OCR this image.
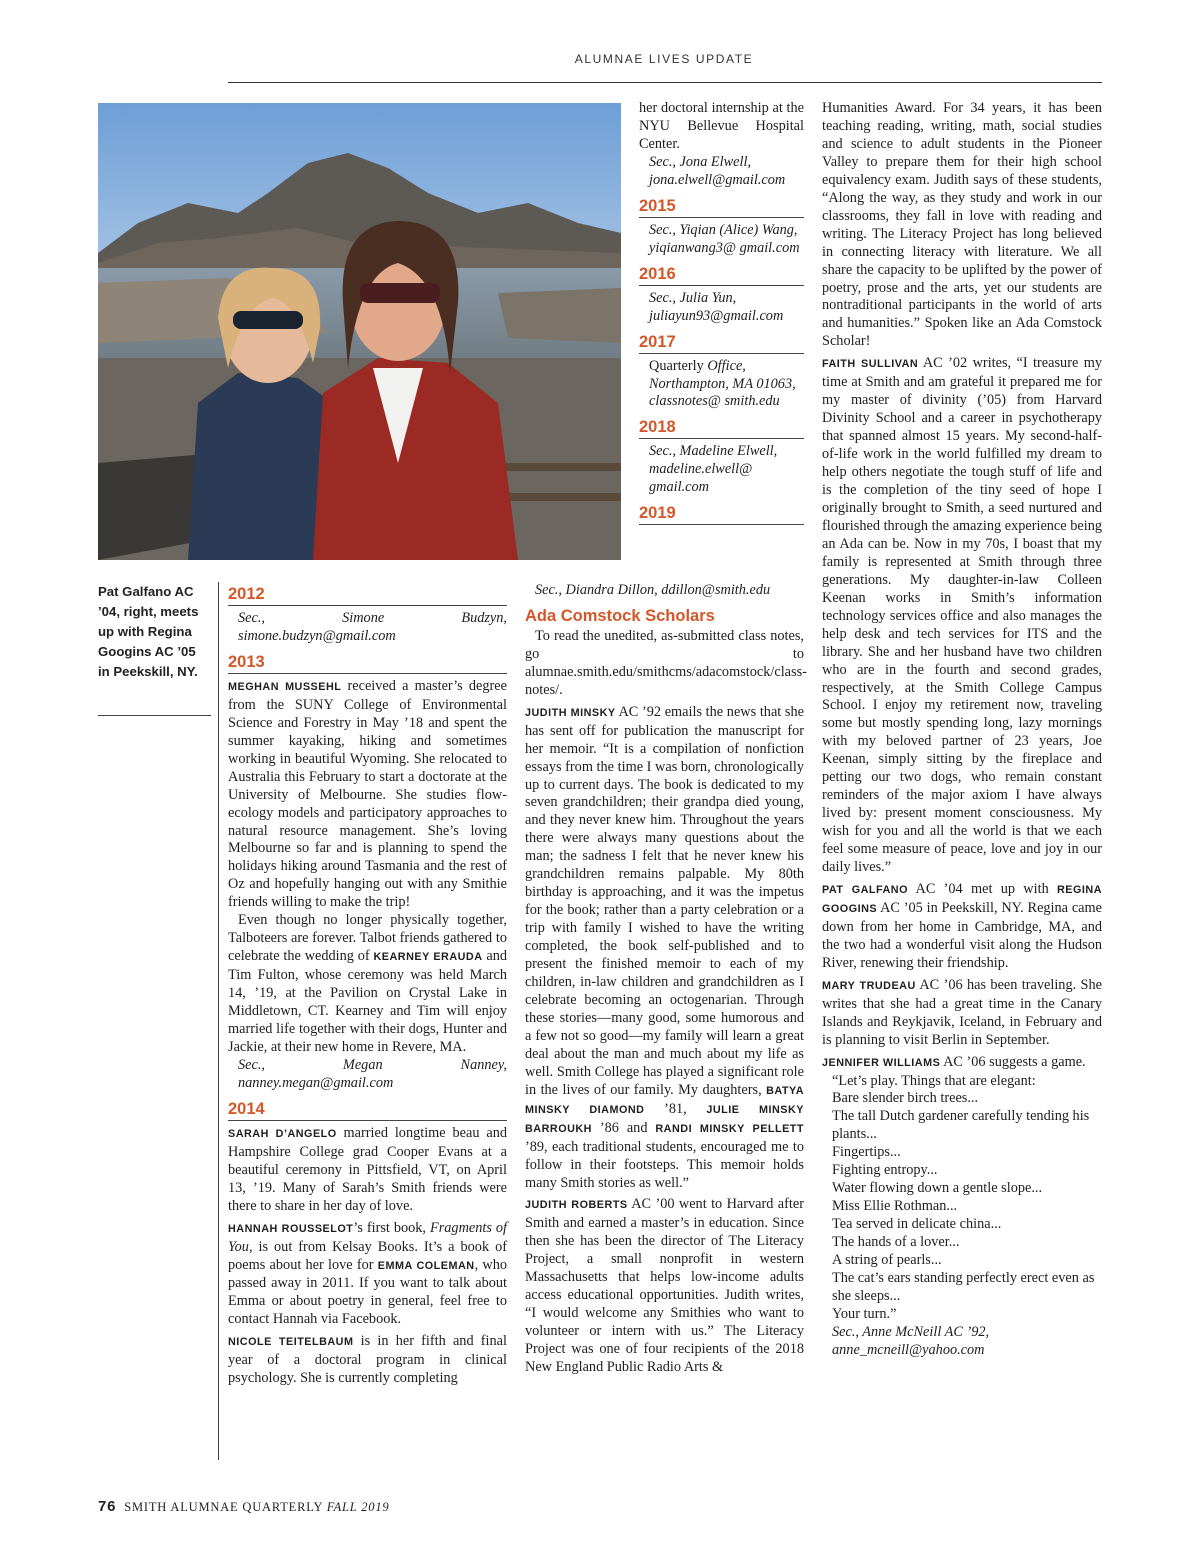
ALUMNAE LIVES UPDATE
Pat Galfano AC ’04, right, meets up with Regina Googins AC ’05 in Peekskill, NY.

her doctoral internship at the NYU Bellevue Hospital Center.

Sec., Jona Elwell, jona.elwell@gmail.com

2015

Sec., Yiqian (Alice) Wang, yiqianwang3@ gmail.com

2016

Sec., Julia Yun, juliayun93@gmail.com

2017

Quarterly Office, Northampton, MA 01063, classnotes@ smith.edu

2018

Sec., Madeline Elwell, madeline.elwell@ gmail.com

2019
2012

Sec., Simone Budzyn, simone.budzyn@gmail.com

2013

MEGHAN MUSSEHL received a master’s degree from the SUNY College of Environmental Science and Forestry in May ’18 and spent the summer kayaking, hiking and sometimes working in beautiful Wyoming. She relocated to Australia this February to start a doctorate at the University of Melbourne. She studies flow-ecology models and participatory approaches to natural resource management. She’s loving Melbourne so far and is planning to spend the holidays hiking around Tasmania and the rest of Oz and hopefully hanging out with any Smithie friends willing to make the trip!

Even though no longer physically together, Talboteers are forever. Talbot friends gathered to celebrate the wedding of KEARNEY ERAUDA and Tim Fulton, whose ceremony was held March 14, ’19, at the Pavilion on Crystal Lake in Middletown, CT. Kearney and Tim will enjoy married life together with their dogs, Hunter and Jackie, at their new home in Revere, MA.

Sec., Megan Nanney, nanney.megan@gmail.com

2014

SARAH D’ANGELO married longtime beau and Hampshire College grad Cooper Evans at a beautiful ceremony in Pittsfield, VT, on April 13, ’19. Many of Sarah’s Smith friends were there to share in her day of love.

HANNAH ROUSSELOT’s first book, Fragments of You, is out from Kelsay Books. It’s a book of poems about her love for EMMA COLEMAN, who passed away in 2011. If you want to talk about Emma or about poetry in general, feel free to contact Hannah via Facebook.

NICOLE TEITELBAUM is in her fifth and final year of a doctoral program in clinical psychology. She is currently completing

Sec., Diandra Dillon, ddillon@smith.edu

Ada Comstock Scholars

To read the unedited, as-submitted class notes, go to alumnae.smith.edu/smithcms/adacomstock/class-notes/.

JUDITH MINSKY AC ’92 emails the news that she has sent off for publication the manuscript for her memoir. “It is a compilation of nonfiction essays from the time I was born, chronologically up to current days. The book is dedicated to my seven grandchildren; their grandpa died young, and they never knew him. Throughout the years there were always many questions about the man; the sadness I felt that he never knew his grandchildren remains palpable. My 80th birthday is approaching, and it was the impetus for the book; rather than a party celebration or a trip with family I wished to have the writing completed, the book self-published and to present the finished memoir to each of my children, in-law children and grandchildren as I celebrate becoming an octogenarian. Through these stories—many good, some humorous and a few not so good—my family will learn a great deal about the man and much about my life as well. Smith College has played a significant role in the lives of our family. My daughters, BATYA MINSKY DIAMOND ’81, JULIE MINSKY BARROUKH ’86 and RANDI MINSKY PELLETT ’89, each traditional students, encouraged me to follow in their footsteps. This memoir holds many Smith stories as well.”

JUDITH ROBERTS AC ’00 went to Harvard after Smith and earned a master’s in education. Since then she has been the director of The Literacy Project, a small nonprofit in western Massachusetts that helps low-income adults access educational opportunities. Judith writes, “I would welcome any Smithies who want to volunteer or intern with us.” The Literacy Project was one of four recipients of the 2018 New England Public Radio Arts &

Humanities Award. For 34 years, it has been teaching reading, writing, math, social studies and science to adult students in the Pioneer Valley to prepare them for their high school equivalency exam. Judith says of these students, “Along the way, as they study and work in our classrooms, they fall in love with reading and writing. The Literacy Project has long believed in connecting literacy with literature. We all share the capacity to be uplifted by the power of poetry, prose and the arts, yet our students are nontraditional participants in the world of arts and humanities.” Spoken like an Ada Comstock Scholar!

FAITH SULLIVAN AC ’02 writes, “I treasure my time at Smith and am grateful it prepared me for my master of divinity (’05) from Harvard Divinity School and a career in psychotherapy that spanned almost 15 years. My second-half-of-life work in the world fulfilled my dream to help others negotiate the tough stuff of life and is the completion of the tiny seed of hope I originally brought to Smith, a seed nurtured and flourished through the amazing experience being an Ada can be. Now in my 70s, I boast that my family is represented at Smith through three generations. My daughter-in-law Colleen Keenan works in Smith’s information technology services office and also manages the help desk and tech services for ITS and the library. She and her husband have two children who are in the fourth and second grades, respectively, at the Smith College Campus School. I enjoy my retirement now, traveling some but mostly spending long, lazy mornings with my beloved partner of 23 years, Joe Keenan, simply sitting by the fireplace and petting our two dogs, who remain constant reminders of the major axiom I have always lived by: present moment consciousness. My wish for you and all the world is that we each feel some measure of peace, love and joy in our daily lives.”

PAT GALFANO AC ’04 met up with REGINA GOOGINS AC ’05 in Peekskill, NY. Regina came down from her home in Cambridge, MA, and the two had a wonderful visit along the Hudson River, renewing their friendship.

MARY TRUDEAU AC ’06 has been traveling. She writes that she had a great time in the Canary Islands and Reykjavik, Iceland, in February and is planning to visit Berlin in September.

JENNIFER WILLIAMS AC ’06 suggests a game.

“Let’s play. Things that are elegant:

Bare slender birch trees...

The tall Dutch gardener carefully tending his plants...

Fingertips...

Fighting entropy...

Water flowing down a gentle slope...

Miss Ellie Rothman...

Tea served in delicate china...

The hands of a lover...

A string of pearls...

The cat’s ears standing perfectly erect even as she sleeps...

Your turn.”

Sec., Anne McNeill AC ’92, anne_mcneill@yahoo.com

76 SMITH ALUMNAE QUARTERLY FALL 2019
